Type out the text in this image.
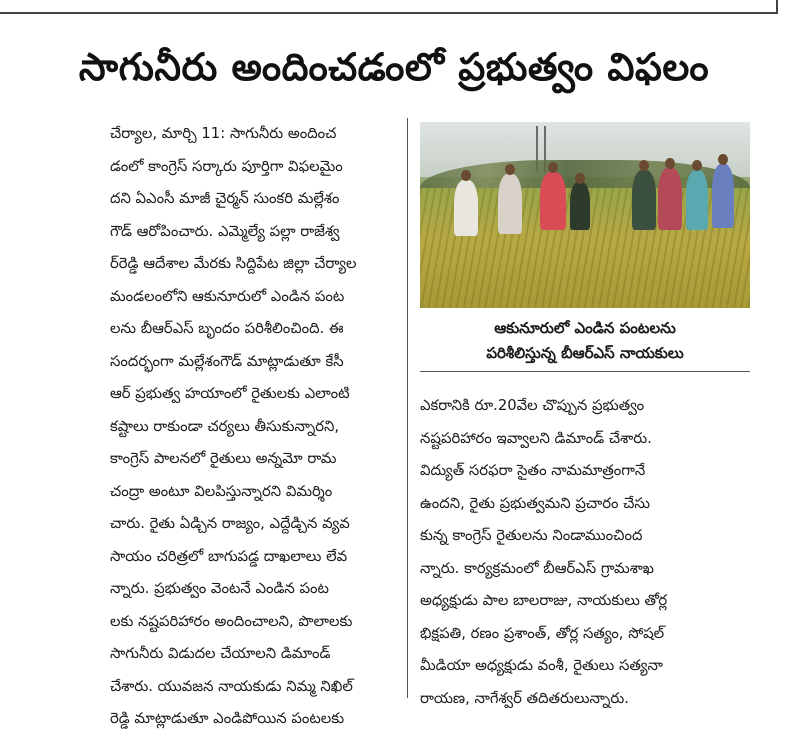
సాగునీరు అందించడంలో ప్రభుత్వం విఫలం
చేర్యాల, మార్చి 11: సాగునీరు అందించ
డంలో కాంగ్రెస్ సర్కారు పూర్తిగా విఫలమైం
దని ఏఎంసీ మాజీ చైర్మన్ సుంకరి మల్లేశం
గౌడ్ ఆరోపించారు. ఎమ్మెల్యే పల్లా రాజేశ్వ
ర్‌రెడ్డి ఆదేశాల మేరకు సిద్దిపేట జిల్లా చేర్యాల
మండలంలోని ఆకునూరులో ఎండిన పంట
లను బీఆర్‌ఎస్ బృందం పరిశీలించింది. ఈ
సందర్భంగా మల్లేశంగౌడ్ మాట్లాడుతూ కేసీ
ఆర్ ప్రభుత్వ హయాంలో రైతులకు ఎలాంటి
కష్టాలు రాకుండా చర్యలు తీసుకున్నారని,
కాంగ్రెస్ పాలనలో రైతులు అన్నమో రామ
చంద్రా అంటూ విలపిస్తున్నారని విమర్శిం
చారు. రైతు ఏడ్చిన రాజ్యం, ఎద్దేడ్చిన వ్యవ
సాయం చరిత్రలో బాగుపడ్డ దాఖలాలు లేవ
న్నారు. ప్రభుత్వం వెంటనే ఎండిన పంట
లకు నష్టపరిహారం అందించాలని, పొలాలకు
సాగునీరు విడుదల చేయాలని డిమాండ్
చేశారు. యువజన నాయకుడు నిమ్మ నిఖిల్
రెడ్డి మాట్లాడుతూ ఎండిపోయిన పంటలకు
ఆకునూరులో ఎండిన పంటలను
పరిశీలిస్తున్న బీఆర్‌ఎస్ నాయకులు
ఎకరానికి రూ.20వేల చొప్పున ప్రభుత్వం
నష్టపరిహారం ఇవ్వాలని డిమాండ్ చేశారు.
విద్యుత్ సరఫరా సైతం నామమాత్రంగానే
ఉందని, రైతు ప్రభుత్వమని ప్రచారం చేసు
కున్న కాంగ్రెస్ రైతులను నిండాముంచింద
న్నారు. కార్యక్రమంలో బీఆర్‌ఎస్ గ్రామశాఖ
అధ్యక్షుడు పాల బాలరాజు, నాయకులు తోర్ల
భిక్షపతి, రణం ప్రశాంత్, తోర్ల సత్యం, సోషల్
మీడియా అధ్యక్షుడు వంశీ, రైతులు సత్యనా
రాయణ, నాగేశ్వర్ తదితరులున్నారు.
